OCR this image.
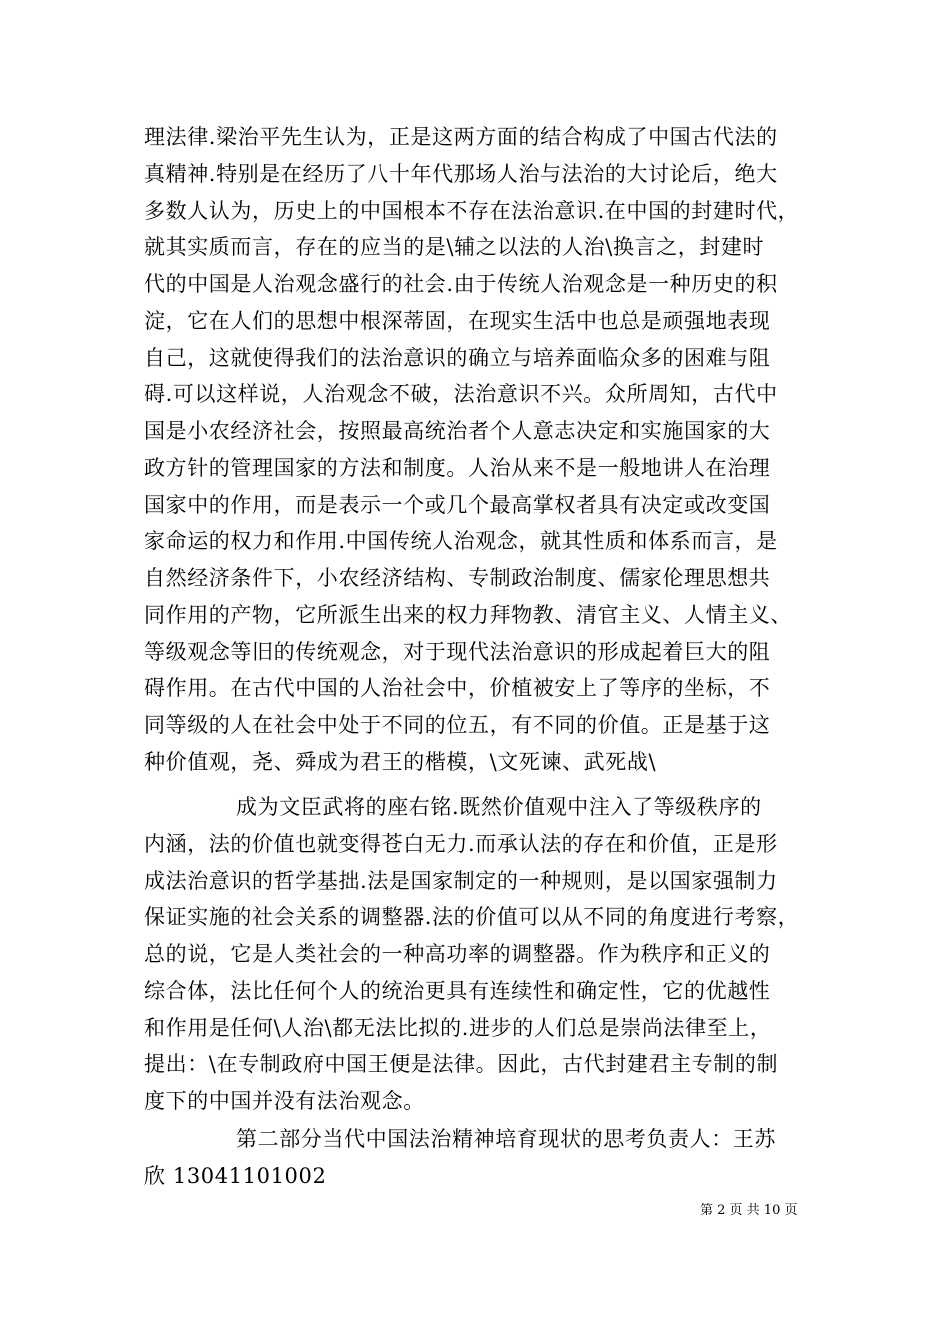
理法律.梁治平先生认为，正是这两方面的结合构成了中国古代法的
真精神.特别是在经历了八十年代那场人治与法治的大讨论后，绝大
多数人认为，历史上的中国根本不存在法治意识.在中国的封建时代，
就其实质而言，存在的应当的是\辅之以法的人治\换言之，封建时
代的中国是人治观念盛行的社会.由于传统人治观念是一种历史的积
淀，它在人们的思想中根深蒂固，在现实生活中也总是顽强地表现
自己，这就使得我们的法治意识的确立与培养面临众多的困难与阻
碍.可以这样说，人治观念不破，法治意识不兴。众所周知，古代中
国是小农经济社会，按照最高统治者个人意志决定和实施国家的大
政方针的管理国家的方法和制度。人治从来不是一般地讲人在治理
国家中的作用，而是表示一个或几个最高掌权者具有决定或改变国
家命运的权力和作用.中国传统人治观念，就其性质和体系而言，是
自然经济条件下，小农经济结构、专制政治制度、儒家伦理思想共
同作用的产物，它所派生出来的权力拜物教、清官主义、人情主义、
等级观念等旧的传统观念，对于现代法治意识的形成起着巨大的阻
碍作用。在古代中国的人治社会中，价植被安上了等序的坐标，不
同等级的人在社会中处于不同的位五，有不同的价值。正是基于这
种价值观，尧、舜成为君王的楷模，\文死谏、武死战\
成为文臣武将的座右铭.既然价值观中注入了等级秩序的
内涵，法的价值也就变得苍白无力.而承认法的存在和价值，正是形
成法治意识的哲学基拙.法是国家制定的一种规则，是以国家强制力
保证实施的社会关系的调整器.法的价值可以从不同的角度进行考察，
总的说，它是人类社会的一种高功率的调整器。作为秩序和正义的
综合体，法比任何个人的统治更具有连续性和确定性，它的优越性
和作用是任何\人治\都无法比拟的.进步的人们总是崇尚法律至上，
提出：\在专制政府中国王便是法律。因此，古代封建君主专制的制
度下的中国并没有法治观念。
第二部分当代中国法治精神培育现状的思考负责人：王苏
欣 13041101002
第 2 页 共 10 页
